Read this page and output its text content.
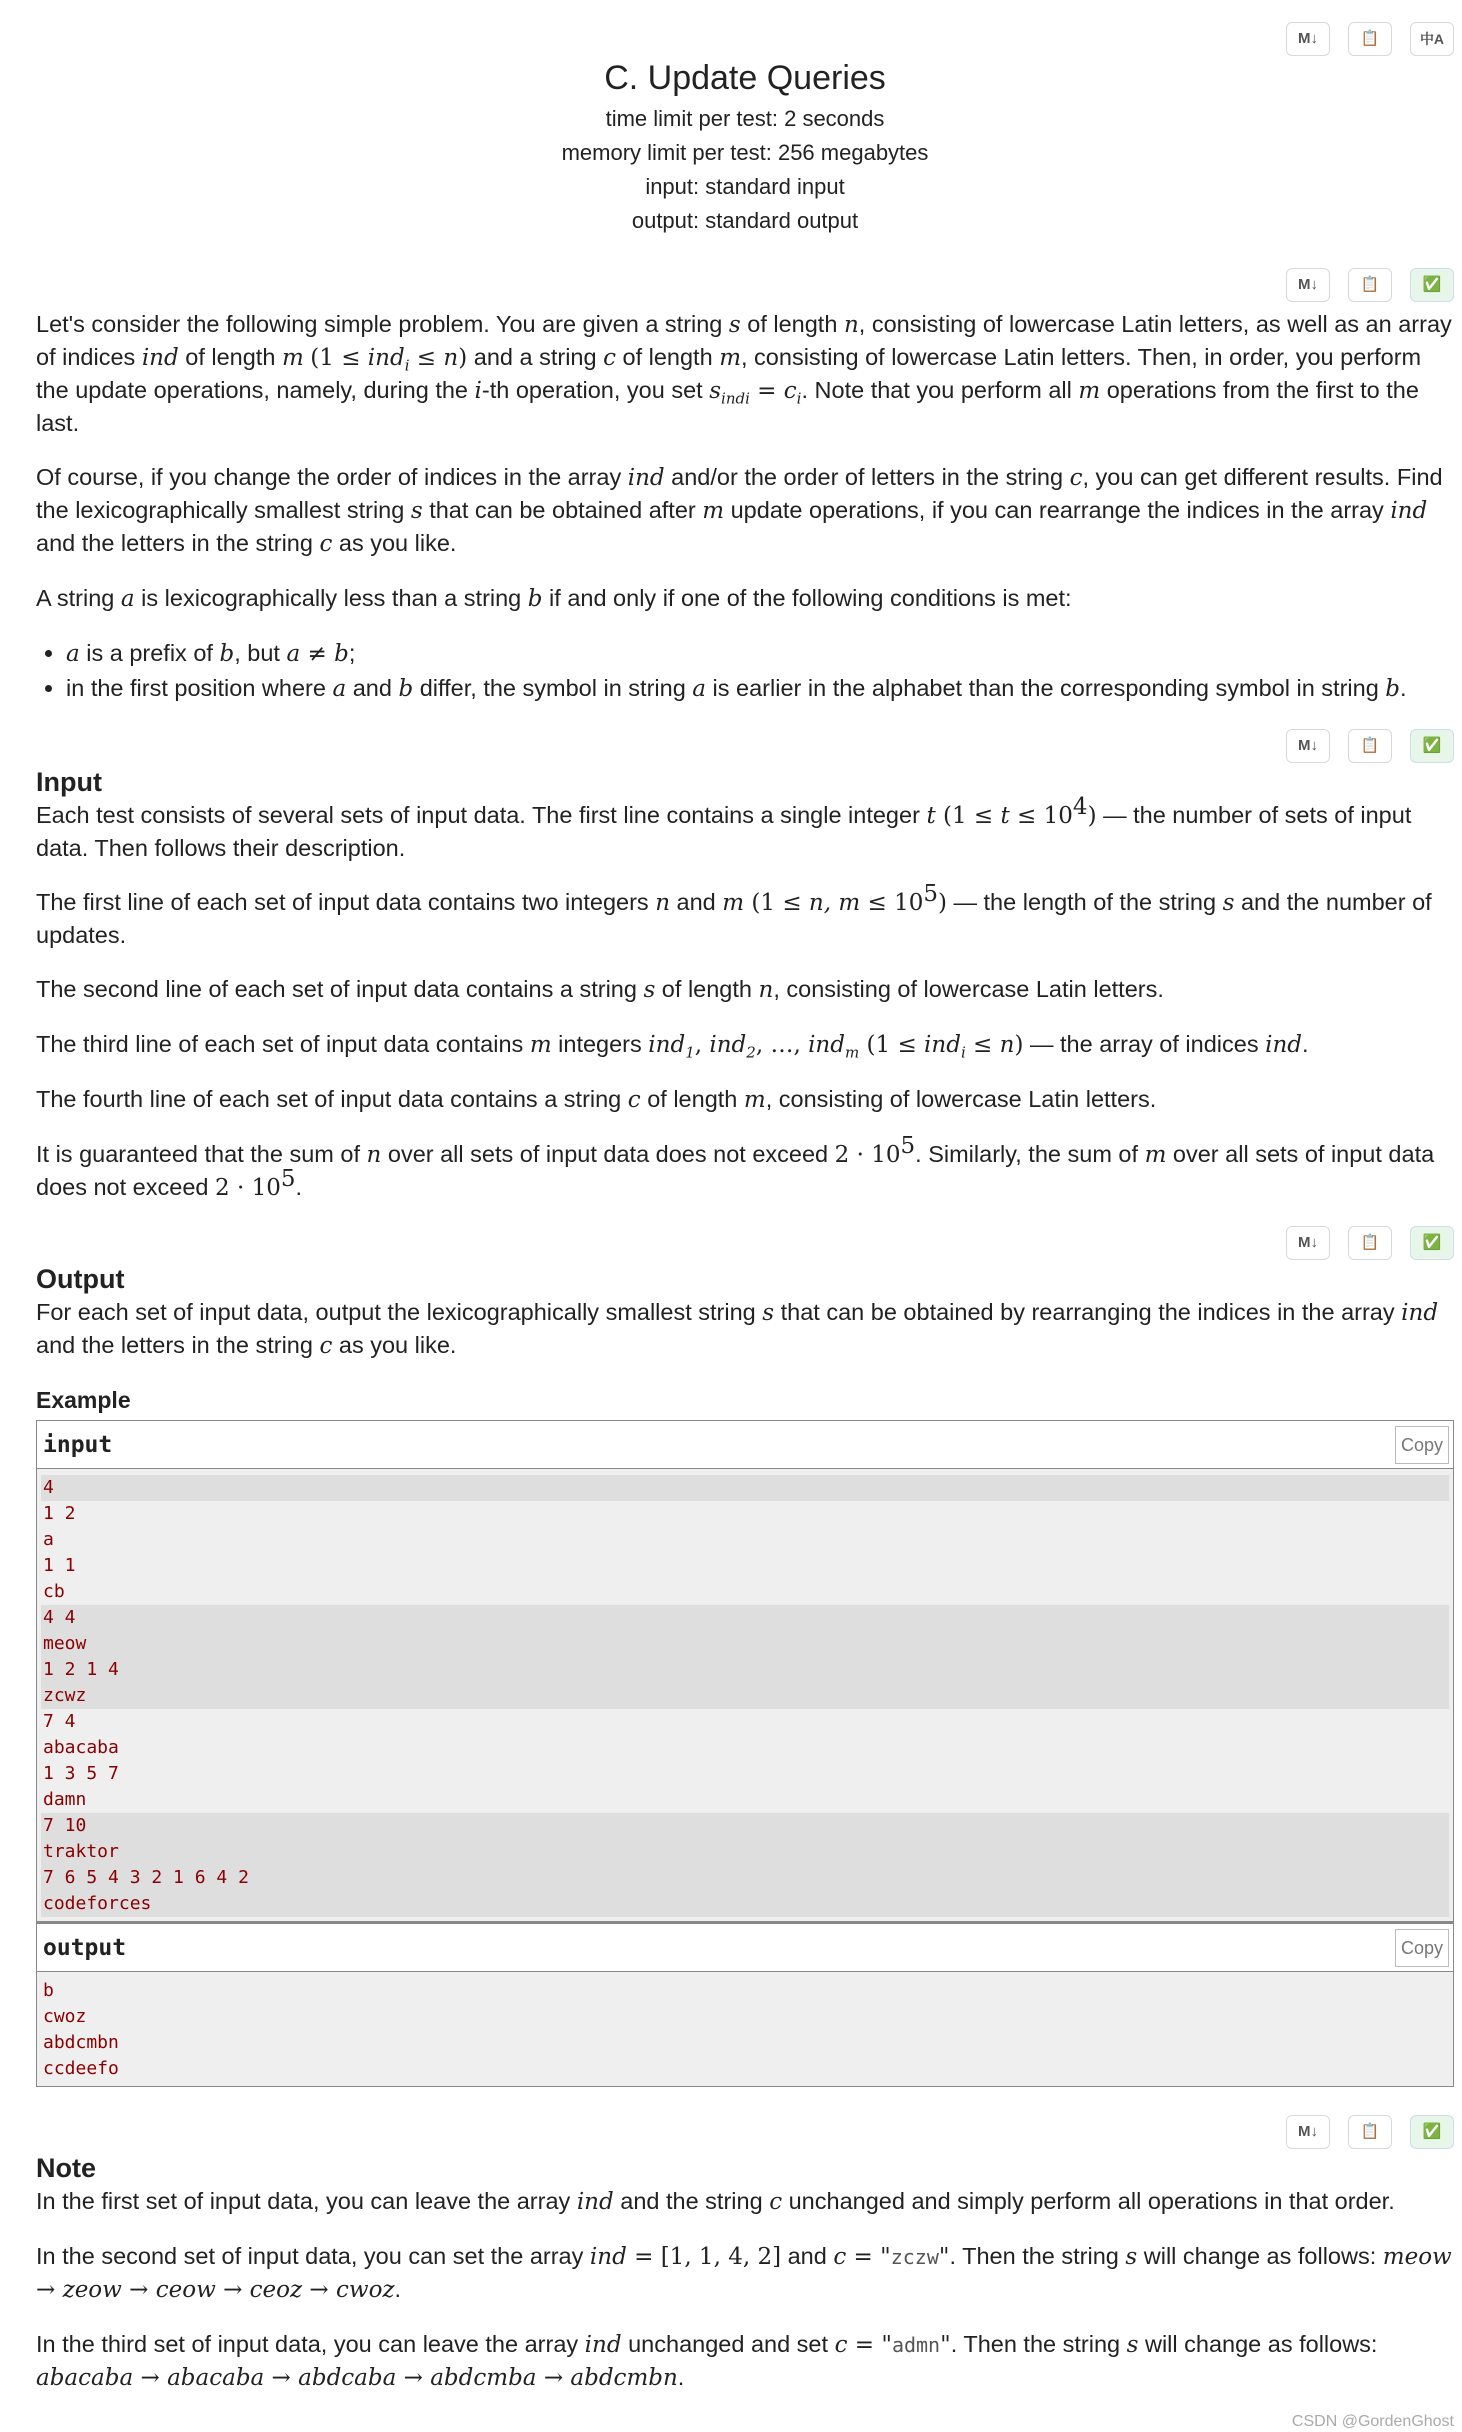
M↓	📋	中A
C. Update Queries
time limit per test: 2 seconds
memory limit per test: 256 megabytes
input: standard input
output: standard output
M↓	📋	✅

Let's consider the following simple problem. You are given a string s of length n, consisting of lowercase Latin letters, as well as an array of indices ind of length m (1 ≤ ind$_i$ ≤ n) and a string c of length m, consisting of lowercase Latin letters. Then, in order, you perform the update operations, namely, during the i-th operation, you set $s_{indi} = c_i$. Note that you perform all m operations from the first to the last.

Of course, if you change the order of indices in the array ind and/or the order of letters in the string c, you can get different results. Find the lexicographically smallest string s that can be obtained after m update operations, if you can rearrange the indices in the array ind and the letters in the string c as you like.

A string a is lexicographically less than a string b if and only if one of the following conditions is met:

• a is a prefix of b, but a ≠ b;
• in the first position where a and b differ, the symbol in string a is earlier in the alphabet than the corresponding symbol in string b.
M↓	📋	✅
Input

Each test consists of several sets of input data. The first line contains a single integer t $(1 \le t \le 10^4)$ — the number of sets of input data. Then follows their description.

The first line of each set of input data contains two integers n and m (1 ≤ n, $m \le 10^5$) — the length of the string s and the number of updates.

The second line of each set of input data contains a string s of length n, consisting of lowercase Latin letters.

The third line of each set of input data contains m integers ind$_1$, ind$_2$, …, ind$_m$ (1 ≤ ind$_i$ ≤ n) — the array of indices ind.

The fourth line of each set of input data contains a string c of length m, consisting of lowercase Latin letters.

It is guaranteed that the sum of n over all sets of input data does not exceed $2 \cdot 10^5$. Similarly, the sum of m over all sets of input data does not exceed $2 \cdot 10^5$.

M↓	📋	✅
Output

For each set of input data, output the lexicographically smallest string s that can be obtained by rearranging the indices in the array ind and the letters in the string c as you like.

Example
input	Copy
4
1 2
a
1 1
cb
4 4
meow
1 2 1 4
zcwz
7 4
abacaba
1 3 5 7
damn
7 10
traktor
7 6 5 4 3 2 1 6 4 2
codeforces
output	Copy
b
cwoz
abdcmbn
ccdeefo
M↓	📋	✅
Note

In the first set of input data, you can leave the array ind and the string c unchanged and simply perform all operations in that order.

In the second set of input data, you can set the array ind = [1, 1, 4, 2] and c = "zczw". Then the string s will change as follows: meow → zeow → ceow → ceoz → cwoz.

In the third set of input data, you can leave the array ind unchanged and set c = "admn". Then the string s will change as follows: abacaba → abacaba → abdcaba → abdcmba → abdcmbn.

CSDN @GordenGhost
